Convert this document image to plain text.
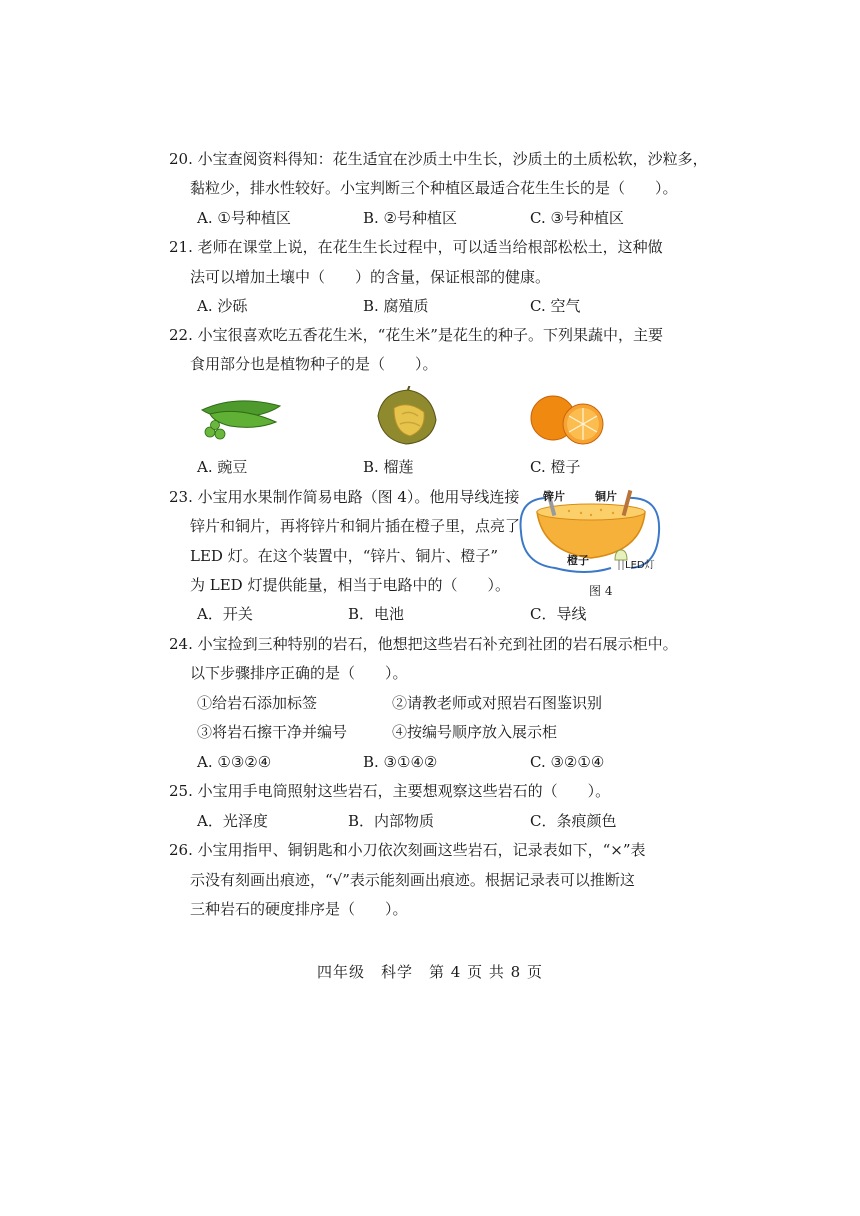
20. 小宝查阅资料得知：花生适宜在沙质土中生长，沙质土的土质松软，沙粒多，
黏粒少，排水性较好。小宝判断三个种植区最适合花生生长的是（　　）。
A. ①号种植区	B. ②号种植区	C. ③号种植区
21. 老师在课堂上说，在花生生长过程中，可以适当给根部松松土，这种做
法可以增加土壤中（　　）的含量，保证根部的健康。
A. 沙砾	B. 腐殖质	C. 空气
22. 小宝很喜欢吃五香花生米，“花生米”是花生的种子。下列果蔬中，主要
食用部分也是植物种子的是（　　）。
A. 豌豆	B. 榴莲	C. 橙子
23. 小宝用水果制作简易电路（图 4）。他用导线连接
锌片和铜片，再将锌片和铜片插在橙子里，点亮了
LED 灯。在这个装置中，“锌片、铜片、橙子”
为 LED 灯提供能量，相当于电路中的（　　）。
A．开关	B．电池	C．导线
锌片	铜片
橙子	LED灯
图 4
24. 小宝捡到三种特别的岩石，他想把这些岩石补充到社团的岩石展示柜中。
以下步骤排序正确的是（　　）。
①给岩石添加标签	②请教老师或对照岩石图鉴识别
③将岩石擦干净并编号	④按编号顺序放入展示柜
A. ①③②④	B. ③①④②	C. ③②①④
25. 小宝用手电筒照射这些岩石，主要想观察这些岩石的（　　）。
A．光泽度	B．内部物质	C．条痕颜色
26. 小宝用指甲、铜钥匙和小刀依次刻画这些岩石，记录表如下，“×”表
示没有刻画出痕迹，“√”表示能刻画出痕迹。根据记录表可以推断这
三种岩石的硬度排序是（　　）。
四年级　科学　第 4 页 共 8 页
